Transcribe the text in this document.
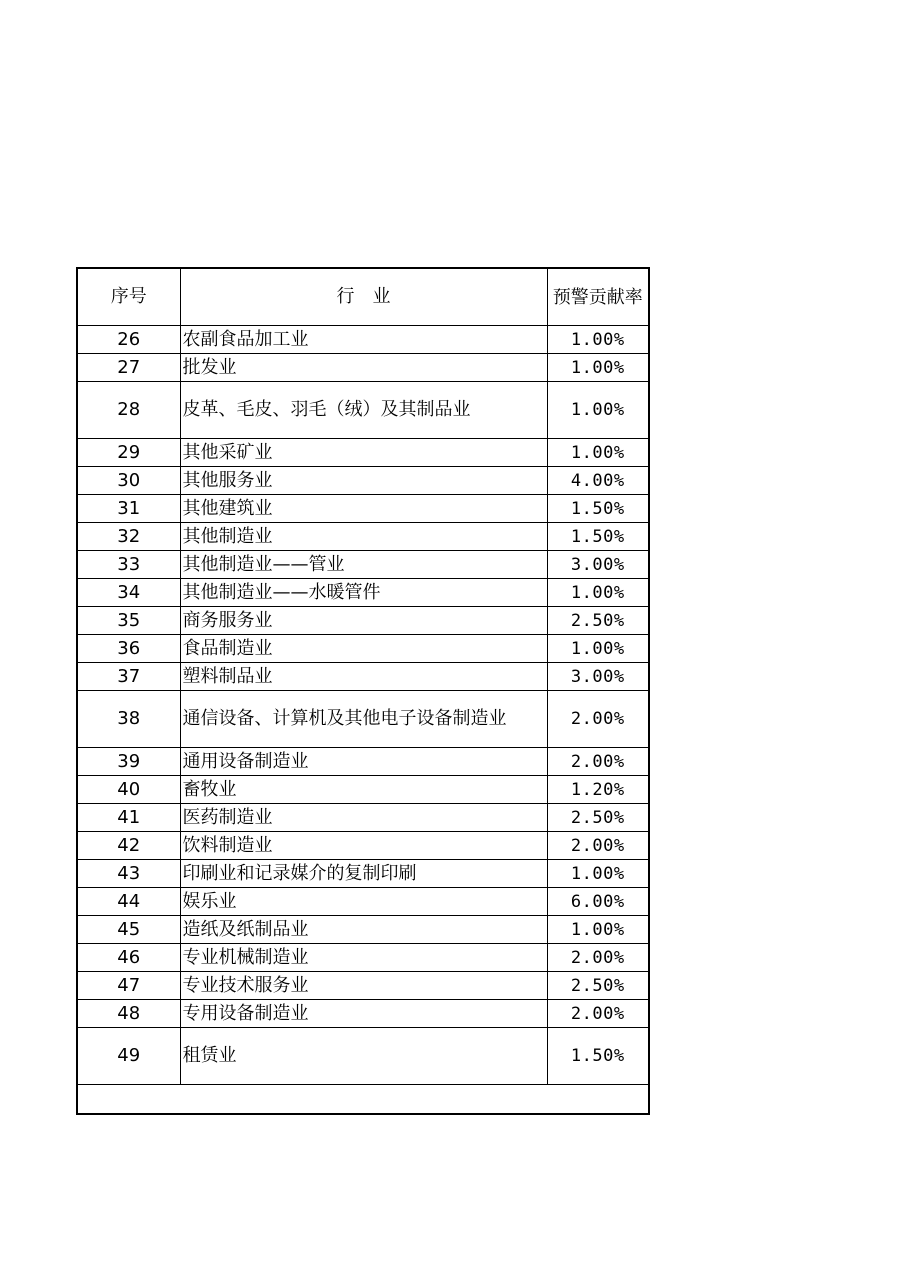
序号	行　业	预警贡献率
26	农副食品加工业	1.00%
27	批发业	1.00%
28	皮革、毛皮、羽毛（绒）及其制品业	1.00%
29	其他采矿业	1.00%
30	其他服务业	4.00%
31	其他建筑业	1.50%
32	其他制造业	1.50%
33	其他制造业——管业	3.00%
34	其他制造业——水暖管件	1.00%
35	商务服务业	2.50%
36	食品制造业	1.00%
37	塑料制品业	3.00%
38	通信设备、计算机及其他电子设备制造业	2.00%
39	通用设备制造业	2.00%
40	畜牧业	1.20%
41	医药制造业	2.50%
42	饮料制造业	2.00%
43	印刷业和记录媒介的复制印刷	1.00%
44	娱乐业	6.00%
45	造纸及纸制品业	1.00%
46	专业机械制造业	2.00%
47	专业技术服务业	2.50%
48	专用设备制造业	2.00%
49	租赁业	1.50%
